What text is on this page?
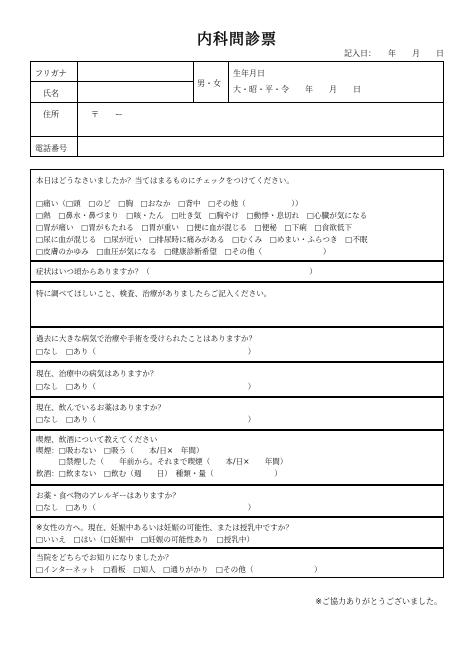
内科問診票
記入日：　　年　　月　　日
フリガナ
氏名
男・女
生年月日
大・昭・平・令　　年　　月　　日
住所	〒　　ー
電話番号
本日はどうなさいましたか？当てはまるものにチェックをつけてください。
□痛い（□頭　□のど　□胸　□おなか　□背中　□その他（　　　　　　））
□熱　□鼻水・鼻づまり　□咳・たん　□吐き気　□胸やけ　□動悸・息切れ　□心臓が気になる
□胃が痛い　□胃がもたれる　□胃が重い　□便に血が混じる　□便秘　□下痢　□食欲低下
□尿に血が混じる　□尿が近い　□排尿時に痛みがある　□むくみ　□めまい・ふらつき　□不眠
□皮膚のかゆみ　□血圧が気になる　□健康診断希望　□その他（　　　　　　　　）
症状はいつ頃からありますか？（　　　　　　　　　　　　　　　　　　　　　）
特に調べてほしいこと、検査、治療がありましたらご記入ください。
過去に大きな病気で治療や手術を受けられたことはありますか？
□なし　□あり（　　　　　　　　　　　　　　　　　　　　）
現在、治療中の病気はありますか？
□なし　□あり（　　　　　　　　　　　　　　　　　　　　）
現在、飲んでいるお薬はありますか？
□なし　□あり（　　　　　　　　　　　　　　　　　　　　）
喫煙、飲酒について教えてください
喫煙：□吸わない　□吸う（　　本/日×　年間）
　　　□禁煙した（　　年前から。それまで喫煙（　　本/日×　　年間）
飲酒：□飲まない　□飲む（週　　日）　種類・量（　　　　　　　　）
お薬・食べ物のアレルギーはありますか？
□なし　□あり（　　　　　　　　　　　　　　　　　　　　）
※女性の方へ。現在、妊娠中あるいは妊娠の可能性、または授乳中ですか？
□いいえ　□はい（□妊娠中　□妊娠の可能性あり　□授乳中）
当院をどちらでお知りになりましたか？
□インターネット　□看板　□知人　□通りがかり　□その他（　　　　　　　　）
※ご協力ありがとうございました。
